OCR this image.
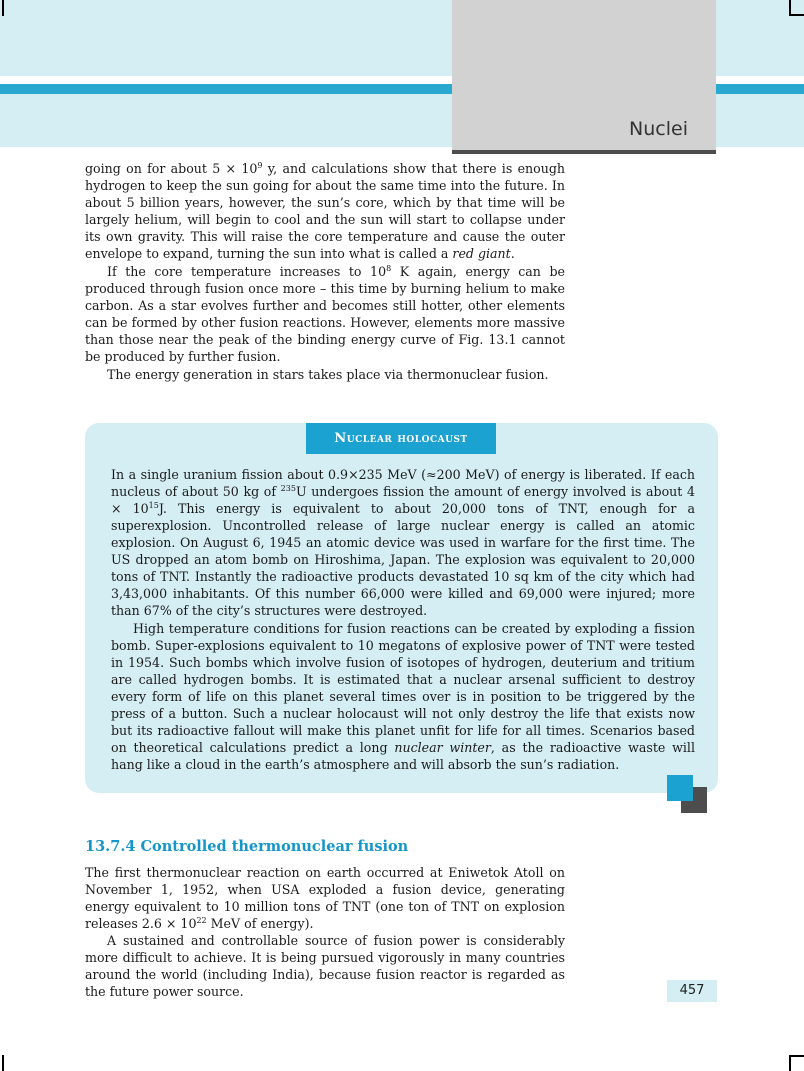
Nuclei

going on for about $5 \times 10^9$ y, and calculations show that there is enough hydrogen to keep the sun going for about the same time into the future. In about 5 billion years, however, the sun’s core, which by that time will be largely helium, will begin to cool and the sun will start to collapse under its own gravity. This will raise the core temperature and cause the outer envelope to expand, turning the sun into what is called a red giant.

If the core temperature increases to $10^8$ K again, energy can be produced through fusion once more – this time by burning helium to make carbon. As a star evolves further and becomes still hotter, other elements can be formed by other fusion reactions. However, elements more massive than those near the peak of the binding energy curve of Fig. 13.1 cannot be produced by further fusion.

The energy generation in stars takes place via thermonuclear fusion.

Nuclear holocaust

In a single uranium fission about 0.9×235 MeV (≈200 MeV) of energy is liberated. If each nucleus of about 50 kg of $^{235}$U undergoes fission the amount of energy involved is about $4 \times 10^{15}J$. This energy is equivalent to about 20,000 tons of TNT, enough for a superexplosion. Uncontrolled release of large nuclear energy is called an atomic explosion. On August 6, 1945 an atomic device was used in warfare for the first time. The US dropped an atom bomb on Hiroshima, Japan. The explosion was equivalent to 20,000 tons of TNT. Instantly the radioactive products devastated 10 sq km of the city which had 3,43,000 inhabitants. Of this number 66,000 were killed and 69,000 were injured; more than 67% of the city’s structures were destroyed.

High temperature conditions for fusion reactions can be created by exploding a fission bomb. Super-explosions equivalent to 10 megatons of explosive power of TNT were tested in 1954. Such bombs which involve fusion of isotopes of hydrogen, deuterium and tritium are called hydrogen bombs. It is estimated that a nuclear arsenal sufficient to destroy every form of life on this planet several times over is in position to be triggered by the press of a button. Such a nuclear holocaust will not only destroy the life that exists now but its radioactive fallout will make this planet unfit for life for all times. Scenarios based on theoretical calculations predict a long nuclear winter, as the radioactive waste will hang like a cloud in the earth’s atmosphere and will absorb the sun’s radiation.

13.7.4 Controlled thermonuclear fusion

The first thermonuclear reaction on earth occurred at Eniwetok Atoll on November 1, 1952, when USA exploded a fusion device, generating energy equivalent to 10 million tons of TNT (one ton of TNT on explosion releases $2.6 \times 10^{22}$ MeV of energy).

A sustained and controllable source of fusion power is considerably more difficult to achieve. It is being pursued vigorously in many countries around the world (including India), because fusion reactor is regarded as the future power source.	457
